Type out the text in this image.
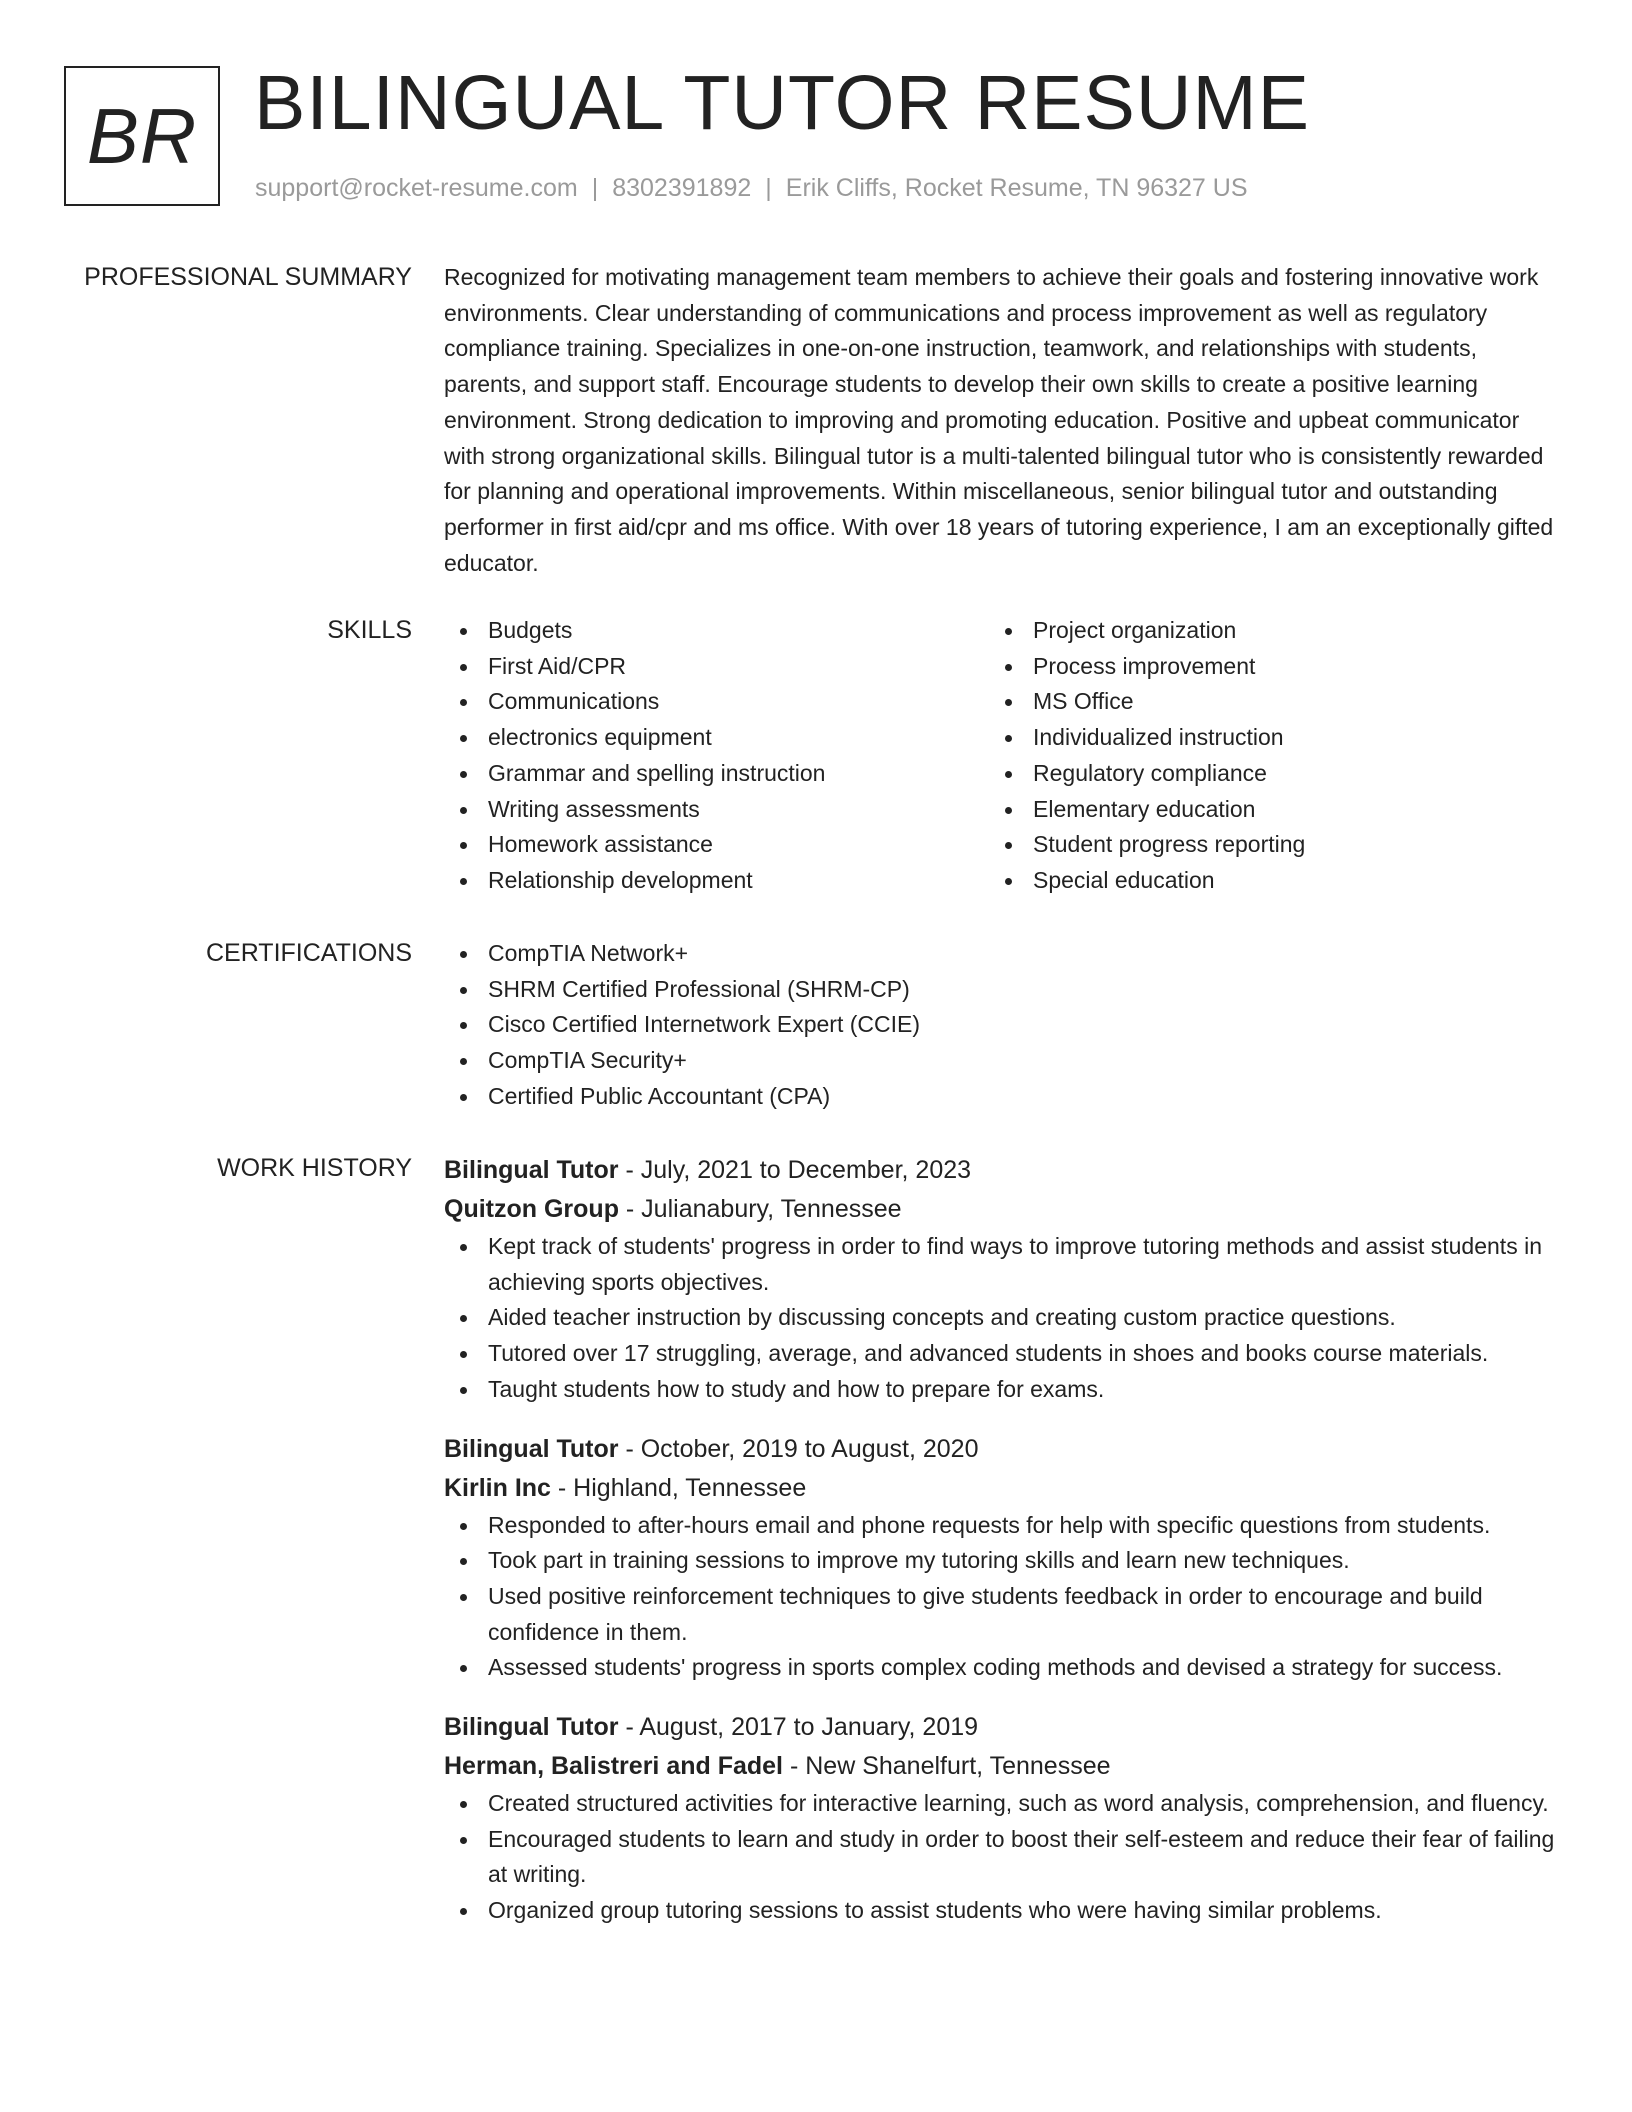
BR BILINGUAL TUTOR RESUME
support@rocket-resume.com | 8302391892 | Erik Cliffs, Rocket Resume, TN 96327 US
PROFESSIONAL SUMMARY Recognized for motivating management team members to achieve their goals and fostering innovative work environments. Clear understanding of communications and process improvement as well as regulatory compliance training. Specializes in one-on-one instruction, teamwork, and relationships with students, parents, and support staff. Encourage students to develop their own skills to create a positive learning environment. Strong dedication to improving and promoting education. Positive and upbeat communicator with strong organizational skills. Bilingual tutor is a multi-talented bilingual tutor who is consistently rewarded for planning and operational improvements. Within miscellaneous, senior bilingual tutor and outstanding performer in first aid/cpr and ms office. With over 18 years of tutoring experience, I am an exceptionally gifted educator.

SKILLS	Budgets
First Aid/CPR
Communications
electronics equipment
Grammar and spelling instruction
Writing assessments
Homework assistance
Relationship development
Project organization
Process improvement
MS Office
Individualized instruction
Regulatory compliance
Elementary education
Student progress reporting
Special education
CERTIFICATIONS	CompTIA Network+
SHRM Certified Professional (SHRM-CP)
Cisco Certified Internetwork Expert (CCIE)
CompTIA Security+
Certified Public Accountant (CPA)
WORK HISTORY Bilingual Tutor - July, 2021 to December, 2023
Quitzon Group - Julianabury, Tennessee
Kept track of students' progress in order to find ways to improve tutoring methods and assist students in achieving sports objectives.
Aided teacher instruction by discussing concepts and creating custom practice questions.
Tutored over 17 struggling, average, and advanced students in shoes and books course materials.
Taught students how to study and how to prepare for exams.
Bilingual Tutor - October, 2019 to August, 2020
Kirlin Inc - Highland, Tennessee
Responded to after-hours email and phone requests for help with specific questions from students.
Took part in training sessions to improve my tutoring skills and learn new techniques.
Used positive reinforcement techniques to give students feedback in order to encourage and build confidence in them.
Assessed students' progress in sports complex coding methods and devised a strategy for success.
Bilingual Tutor - August, 2017 to January, 2019
Herman, Balistreri and Fadel - New Shanelfurt, Tennessee
Created structured activities for interactive learning, such as word analysis, comprehension, and fluency.
Encouraged students to learn and study in order to boost their self-esteem and reduce their fear of failing at writing.
Organized group tutoring sessions to assist students who were having similar problems.
